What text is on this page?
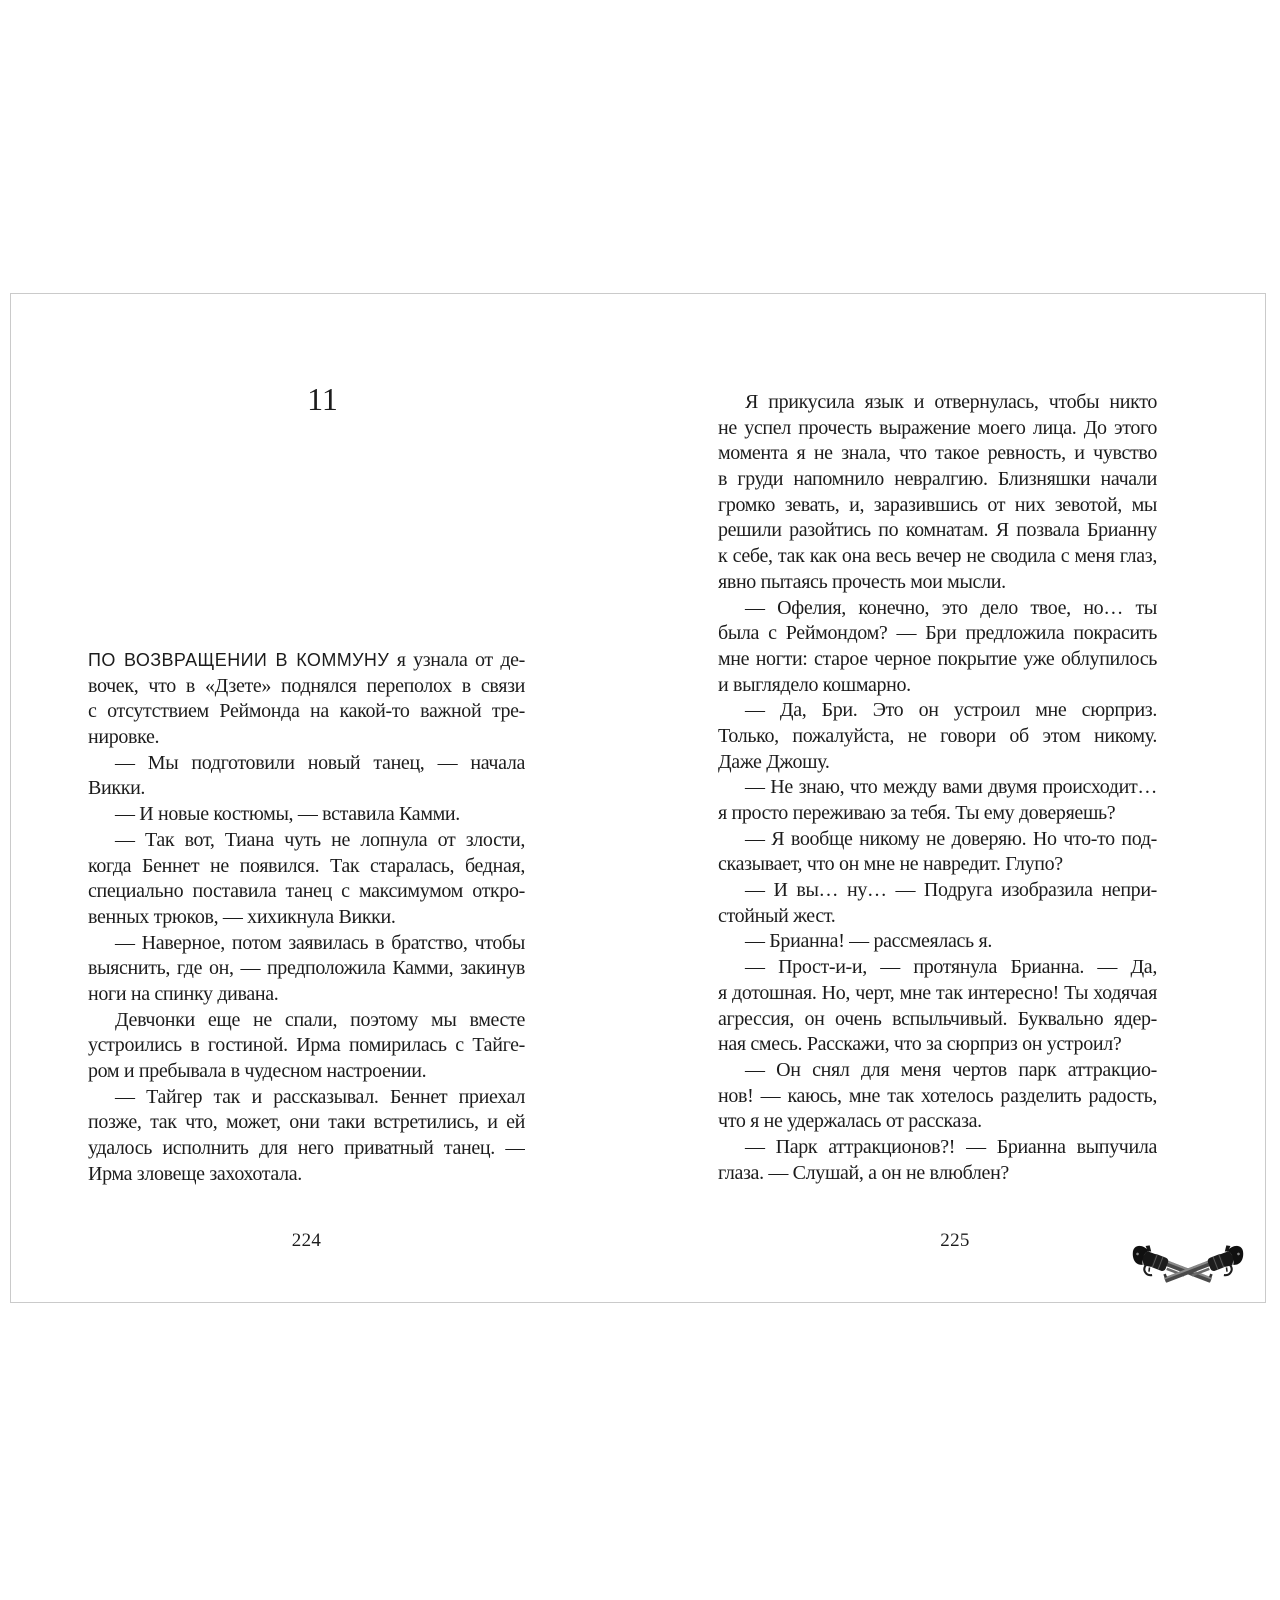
11
ПО ВОЗВРАЩЕНИИ В КОММУНУ я узнала от де-
вочек, что в «Дзете» поднялся переполох в связи
с отсутствием Реймонда на какой-то важной тре-
нировке.
— Мы подготовили новый танец, — начала
Викки.
— И новые костюмы, — вставила Камми.
— Так вот, Тиана чуть не лопнула от злости,
когда Беннет не появился. Так старалась, бедная,
специально поставила танец с максимумом откро-
венных трюков, — хихикнула Викки.
— Наверное, потом заявилась в братство, чтобы
выяснить, где он, — предположила Камми, закинув
ноги на спинку дивана.
Девчонки еще не спали, поэтому мы вместе
устроились в гостиной. Ирма помирилась с Тайге-
ром и пребывала в чудесном настроении.
— Тайгер так и рассказывал. Беннет приехал
позже, так что, может, они таки встретились, и ей
удалось исполнить для него приватный танец. —
Ирма зловеще захохотала.
Я прикусила язык и отвернулась, чтобы никто
не успел прочесть выражение моего лица. До этого
момента я не знала, что такое ревность, и чувство
в груди напомнило невралгию. Близняшки начали
громко зевать, и, заразившись от них зевотой, мы
решили разойтись по комнатам. Я позвала Брианну
к себе, так как она весь вечер не сводила с меня глаз,
явно пытаясь прочесть мои мысли.
— Офелия, конечно, это дело твое, но… ты
была с Реймондом? — Бри предложила покрасить
мне ногти: старое черное покрытие уже облупилось
и выглядело кошмарно.
— Да, Бри. Это он устроил мне сюрприз.
Только, пожалуйста, не говори об этом никому.
Даже Джошу.
— Не знаю, что между вами двумя происходит…
я просто переживаю за тебя. Ты ему доверяешь?
— Я вообще никому не доверяю. Но что-то под-
сказывает, что он мне не навредит. Глупо?
— И вы… ну… — Подруга изобразила непри-
стойный жест.
— Брианна! — рассмеялась я.
— Прост-и-и, — протянула Брианна. — Да,
я дотошная. Но, черт, мне так интересно! Ты ходячая
агрессия, он очень вспыльчивый. Буквально ядер-
ная смесь. Расскажи, что за сюрприз он устроил?
— Он снял для меня чертов парк аттракцио-
нов! — каюсь, мне так хотелось разделить радость,
что я не удержалась от рассказа.
— Парк аттракционов?! — Брианна выпучила
глаза. — Слушай, а он не влюблен?
224	225
